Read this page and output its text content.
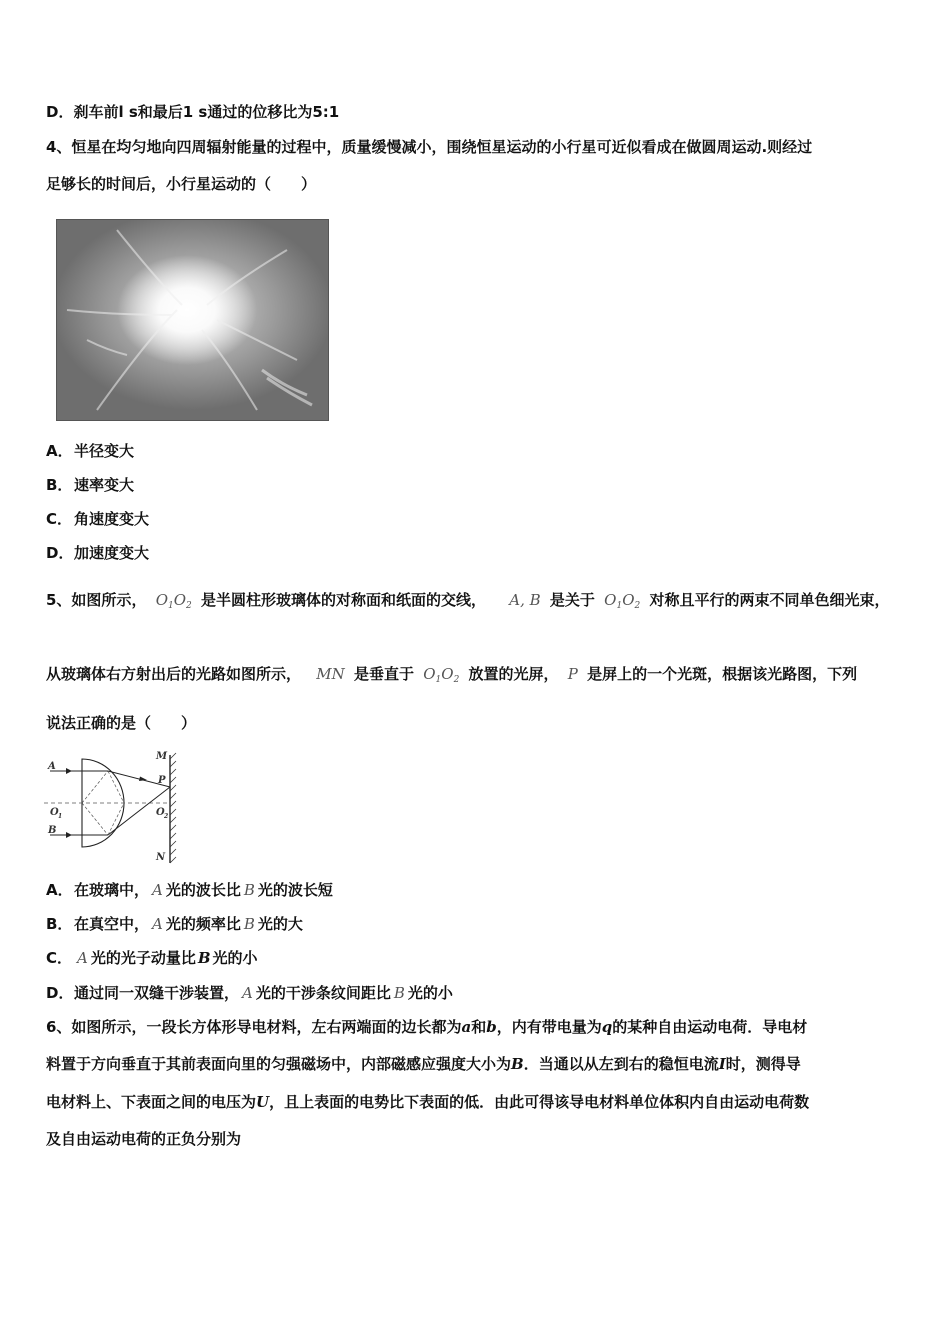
D．刹车前l s和最后1 s通过的位移比为5:1
4、恒星在均匀地向四周辐射能量的过程中，质量缓慢减小，围绕恒星运动的小行星可近似看成在做圆周运动.则经过
足够长的时间后，小行星运动的（　　）
A．半径变大
B． 速率变大
C． 角速度变大
D．加速度变大
5、如图所示， $O_1O_2$ 是半圆柱形玻璃体的对称面和纸面的交线， A, B 是关于 $O_1O_2$ 对称且平行的两束不同单色细光束，
从玻璃体右方射出后的光路如图所示， MN 是垂直于 $O_1O_2$ 放置的光屏， P 是屏上的一个光斑，根据该光路图，下列
说法正确的是（　　）
A
B
M
N
P
O 1	O 2
A．在玻璃中， A 光的波长比 B 光的波长短
B． 在真空中， A 光的频率比 B 光的大
C． A 光的光子动量比 B 光的小
D．通过同一双缝干涉装置， A 光的干涉条纹间距比 B 光的小
6、如图所示，一段长方体形导电材料，左右两端面的边长都为a和b，内有带电量为q的某种自由运动电荷．导电材
料置于方向垂直于其前表面向里的匀强磁场中，内部磁感应强度大小为B．当通以从左到右的稳恒电流I时，测得导
电材料上、下表面之间的电压为U，且上表面的电势比下表面的低．由此可得该导电材料单位体积内自由运动电荷数
及自由运动电荷的正负分别为
